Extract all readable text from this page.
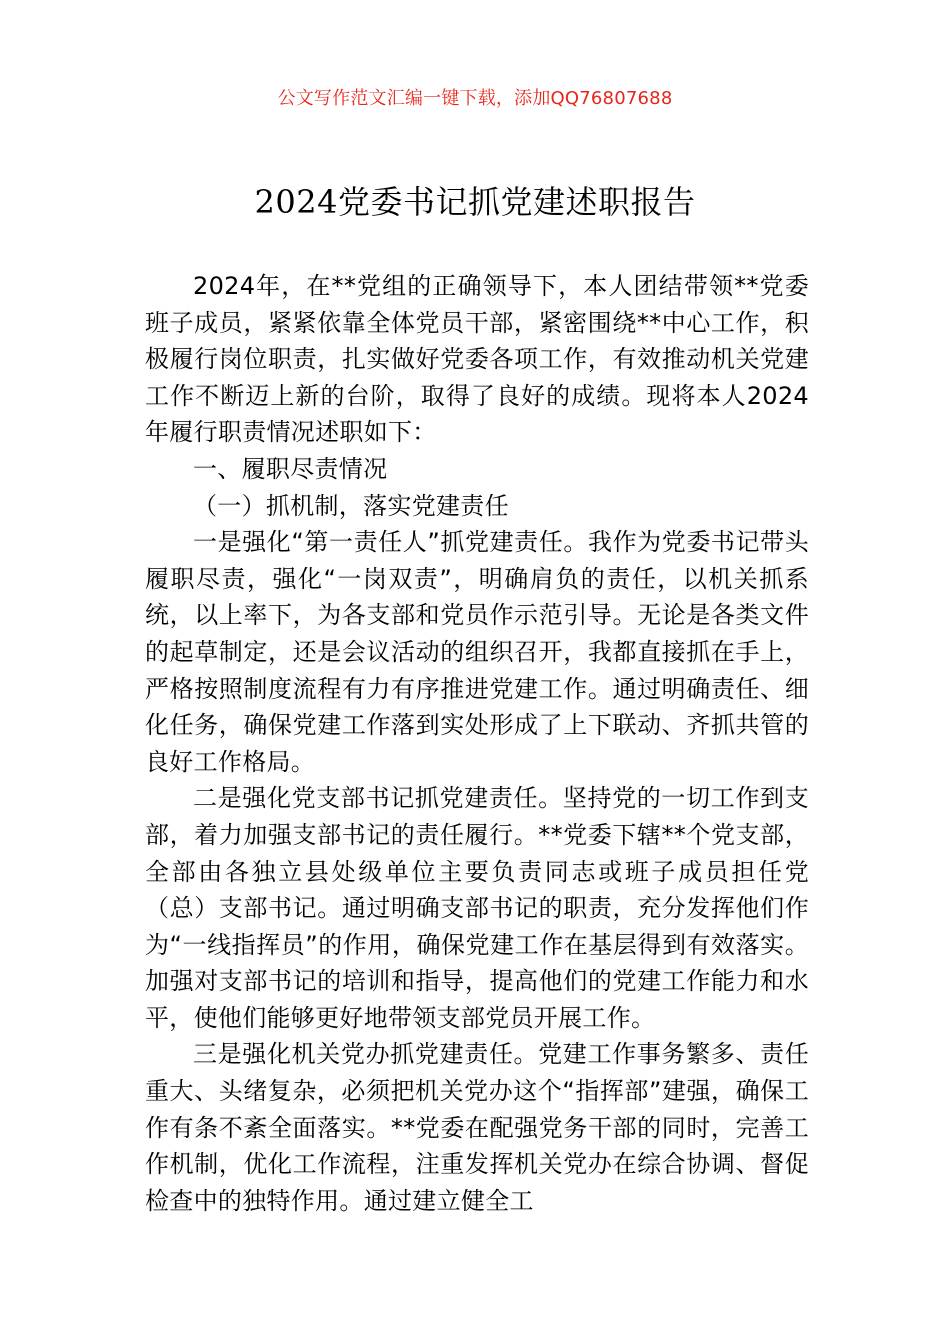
公文写作范文汇编一键下载，添加QQ76807688
2024党委书记抓党建述职报告

2024年，在**党组的正确领导下，本人团结带领**党委班子成员，紧紧依靠全体党员干部，紧密围绕**中心工作，积极履行岗位职责，扎实做好党委各项工作，有效推动机关党建工作不断迈上新的台阶，取得了良好的成绩。现将本人2024年履行职责情况述职如下：

一、履职尽责情况

（一）抓机制，落实党建责任

一是强化“第一责任人”抓党建责任。我作为党委书记带头履职尽责，强化“一岗双责”，明确肩负的责任，以机关抓系统，以上率下，为各支部和党员作示范引导。无论是各类文件的起草制定，还是会议活动的组织召开，我都直接抓在手上，严格按照制度流程有力有序推进党建工作。通过明确责任、细化任务，确保党建工作落到实处形成了上下联动、齐抓共管的良好工作格局。

二是强化党支部书记抓党建责任。坚持党的一切工作到支部，着力加强支部书记的责任履行。**党委下辖**个党支部，全部由各独立县处级单位主要负责同志或班子成员担任党（总）支部书记。通过明确支部书记的职责，充分发挥他们作为“一线指挥员”的作用，确保党建工作在基层得到有效落实。加强对支部书记的培训和指导，提高他们的党建工作能力和水平，使他们能够更好地带领支部党员开展工作。

三是强化机关党办抓党建责任。党建工作事务繁多、责任重大、头绪复杂，必须把机关党办这个“指挥部”建强，确保工作有条不紊全面落实。**党委在配强党务干部的同时，完善工作机制，优化工作流程，注重发挥机关党办在综合协调、督促检查中的独特作用。通过建立健全工
